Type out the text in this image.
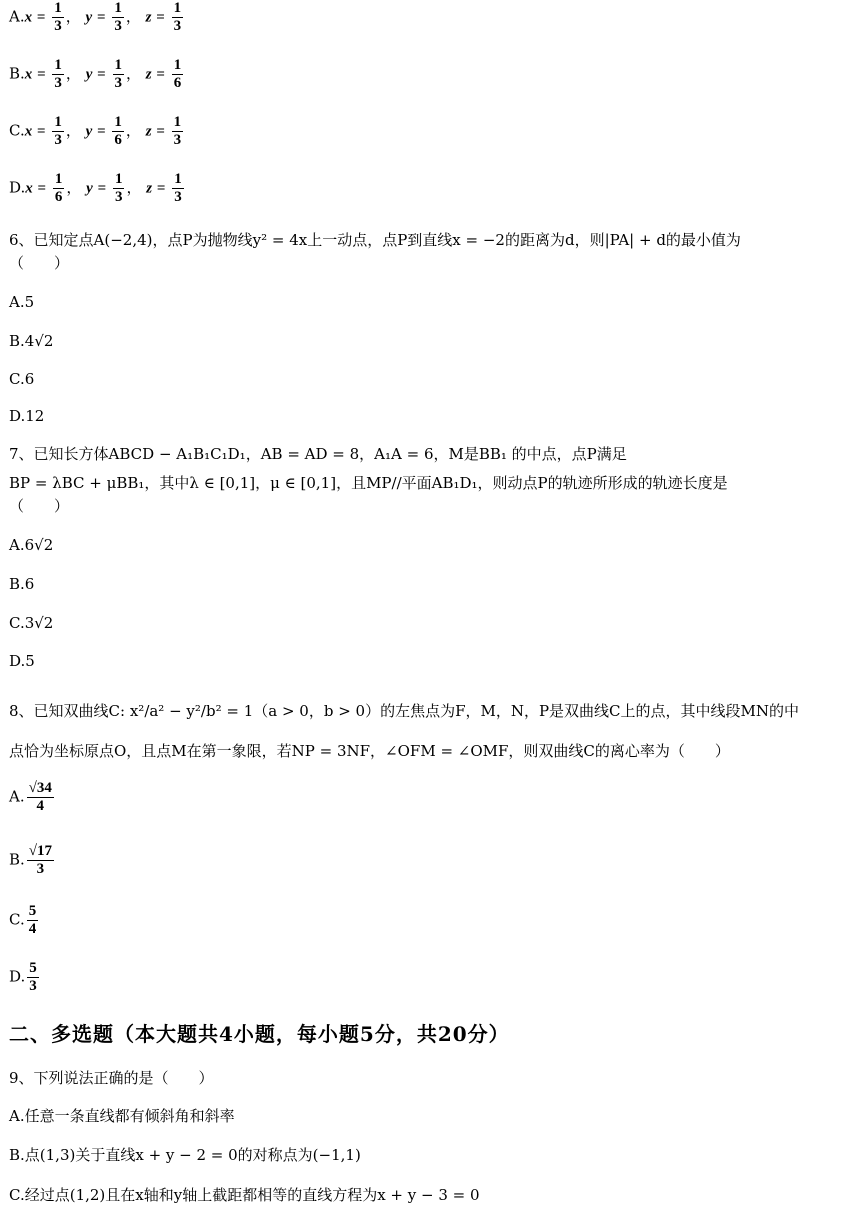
$A.x = \frac{1}{3}$ ， $y = \frac{1}{3}$ ， $z = \frac{1}{3}$
$B.x = \frac{1}{3}$ ， $y = \frac{1}{3}$ ， $z = \frac{1}{6}$
$C.x = \frac{1}{3}$ ， $y = \frac{1}{6}$ ， $z = \frac{1}{3}$
$D.x = \frac{1}{6}$ ， $y = \frac{1}{3}$ ， $z = \frac{1}{3}$
6、已知定点A(−2,4)，点P为抛物线y² = 4x上一动点，点P到直线x = −2的距离为d，则|PA| + d的最小值为
（　　）
A.5
B.4√2
C.6
D.12
7、已知长方体ABCD − A₁B₁C₁D₁，AB = AD = 8，A₁A = 6，M是BB₁ 的中点，点P满足
BP = λBC + μBB₁，其中λ ∈ [0,1]，μ ∈ [0,1]，且MP//平面AB₁D₁，则动点P的轨迹所形成的轨迹长度是
（　　）
A.6√2
B.6
C.3√2
D.5
8、已知双曲线C: x²/a² − y²/b² = 1（a > 0，b > 0）的左焦点为F，M，N，P是双曲线C上的点，其中线段MN的中
点恰为坐标原点O，且点M在第一象限，若NP = 3NF，∠OFM = ∠OMF，则双曲线C的离心率为（　　）
A. $\frac{√34}{4}$
B. $\frac{√17}{3}$
C. $\frac{5}{4}$
D. $\frac{5}{3}$
二、多选题（本大题共4小题，每小题5分，共20分）
9、下列说法正确的是（　　）
A.任意一条直线都有倾斜角和斜率
B.点(1,3)关于直线x + y − 2 = 0的对称点为(−1,1)
C.经过点(1,2)且在x轴和y轴上截距都相等的直线方程为x + y − 3 = 0
